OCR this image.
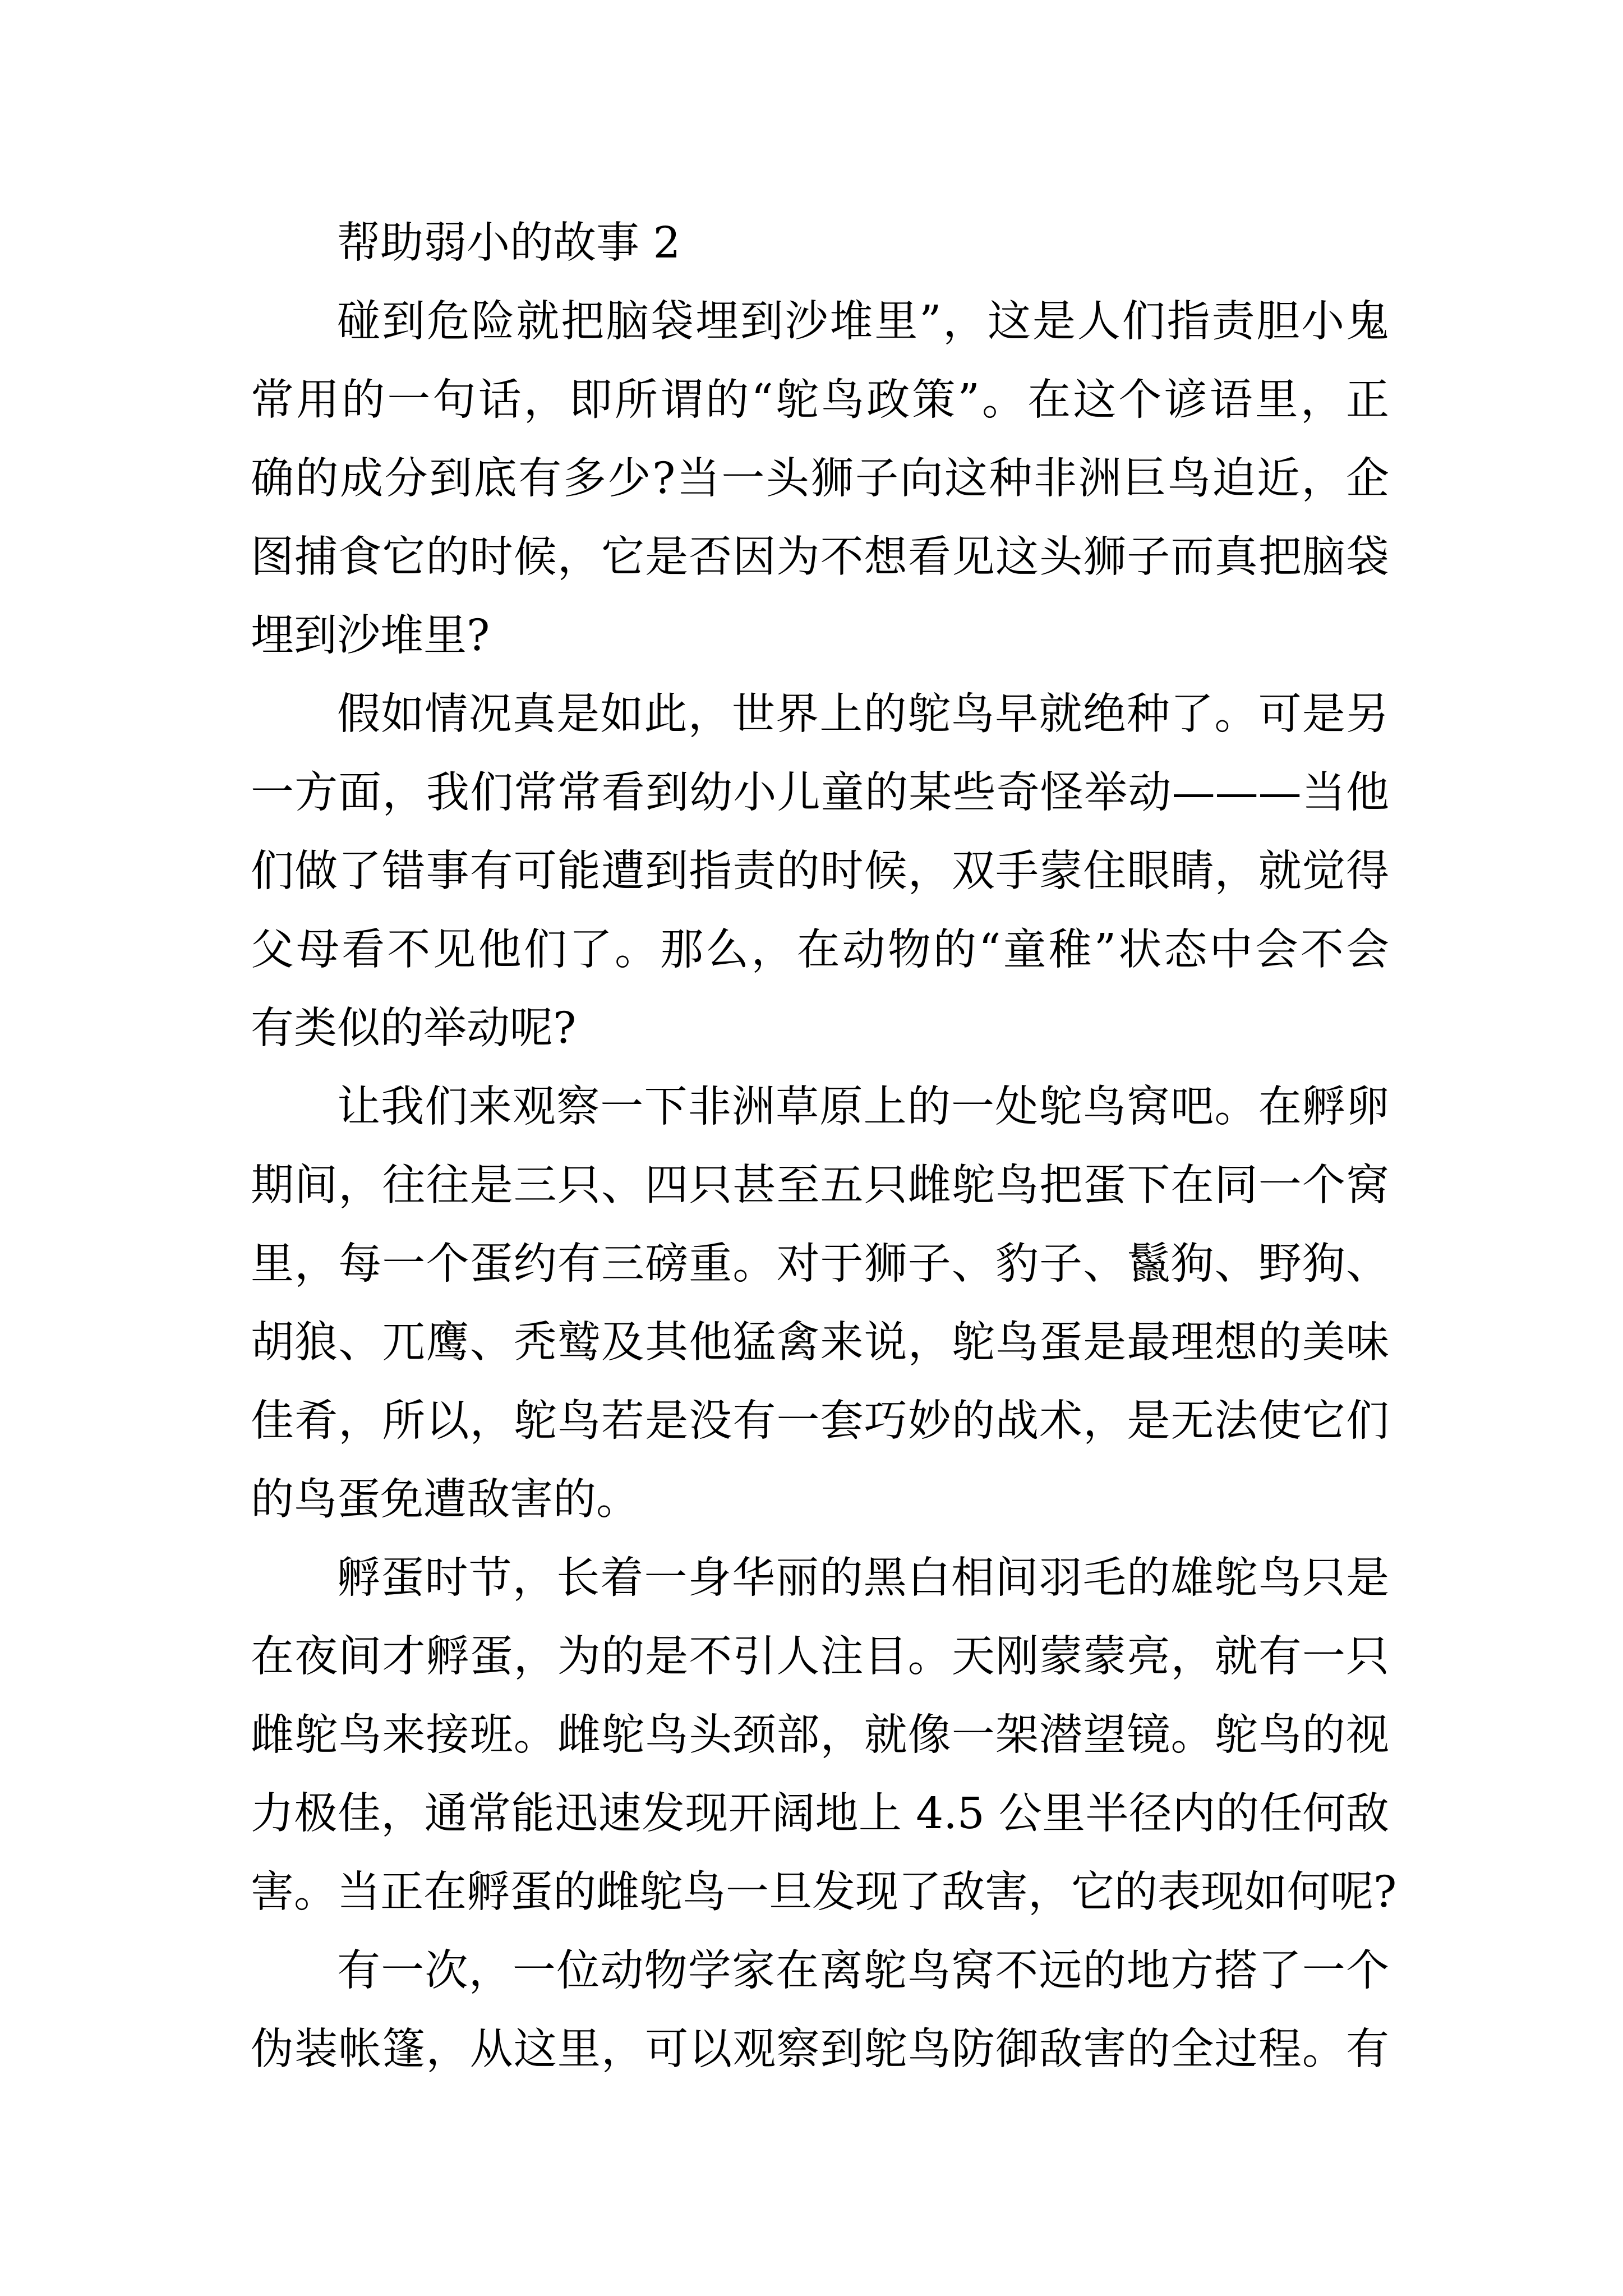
帮助弱小的故事 2
碰到危险就把脑袋埋到沙堆里”，这是人们指责胆小鬼
常用的一句话，即所谓的“鸵鸟政策”。在这个谚语里，正
确的成分到底有多少?当一头狮子向这种非洲巨鸟迫近，企
图捕食它的时候，它是否因为不想看见这头狮子而真把脑袋
埋到沙堆里?
假如情况真是如此，世界上的鸵鸟早就绝种了。可是另
一方面，我们常常看到幼小儿童的某些奇怪举动———当他
们做了错事有可能遭到指责的时候，双手蒙住眼睛，就觉得
父母看不见他们了。那么，在动物的“童稚”状态中会不会
有类似的举动呢?
让我们来观察一下非洲草原上的一处鸵鸟窝吧。在孵卵
期间，往往是三只、四只甚至五只雌鸵鸟把蛋下在同一个窝
里，每一个蛋约有三磅重。对于狮子、豹子、鬣狗、野狗、
胡狼、兀鹰、秃鹫及其他猛禽来说，鸵鸟蛋是最理想的美味
佳肴，所以，鸵鸟若是没有一套巧妙的战术，是无法使它们
的鸟蛋免遭敌害的。
孵蛋时节，长着一身华丽的黑白相间羽毛的雄鸵鸟只是
在夜间才孵蛋，为的是不引人注目。天刚蒙蒙亮，就有一只
雌鸵鸟来接班。雌鸵鸟头颈部，就像一架潜望镜。鸵鸟的视
力极佳，通常能迅速发现开阔地上 4.5 公里半径内的任何敌
害。当正在孵蛋的雌鸵鸟一旦发现了敌害，它的表现如何呢?
有一次，一位动物学家在离鸵鸟窝不远的地方搭了一个
伪装帐篷，从这里，可以观察到鸵鸟防御敌害的全过程。有
